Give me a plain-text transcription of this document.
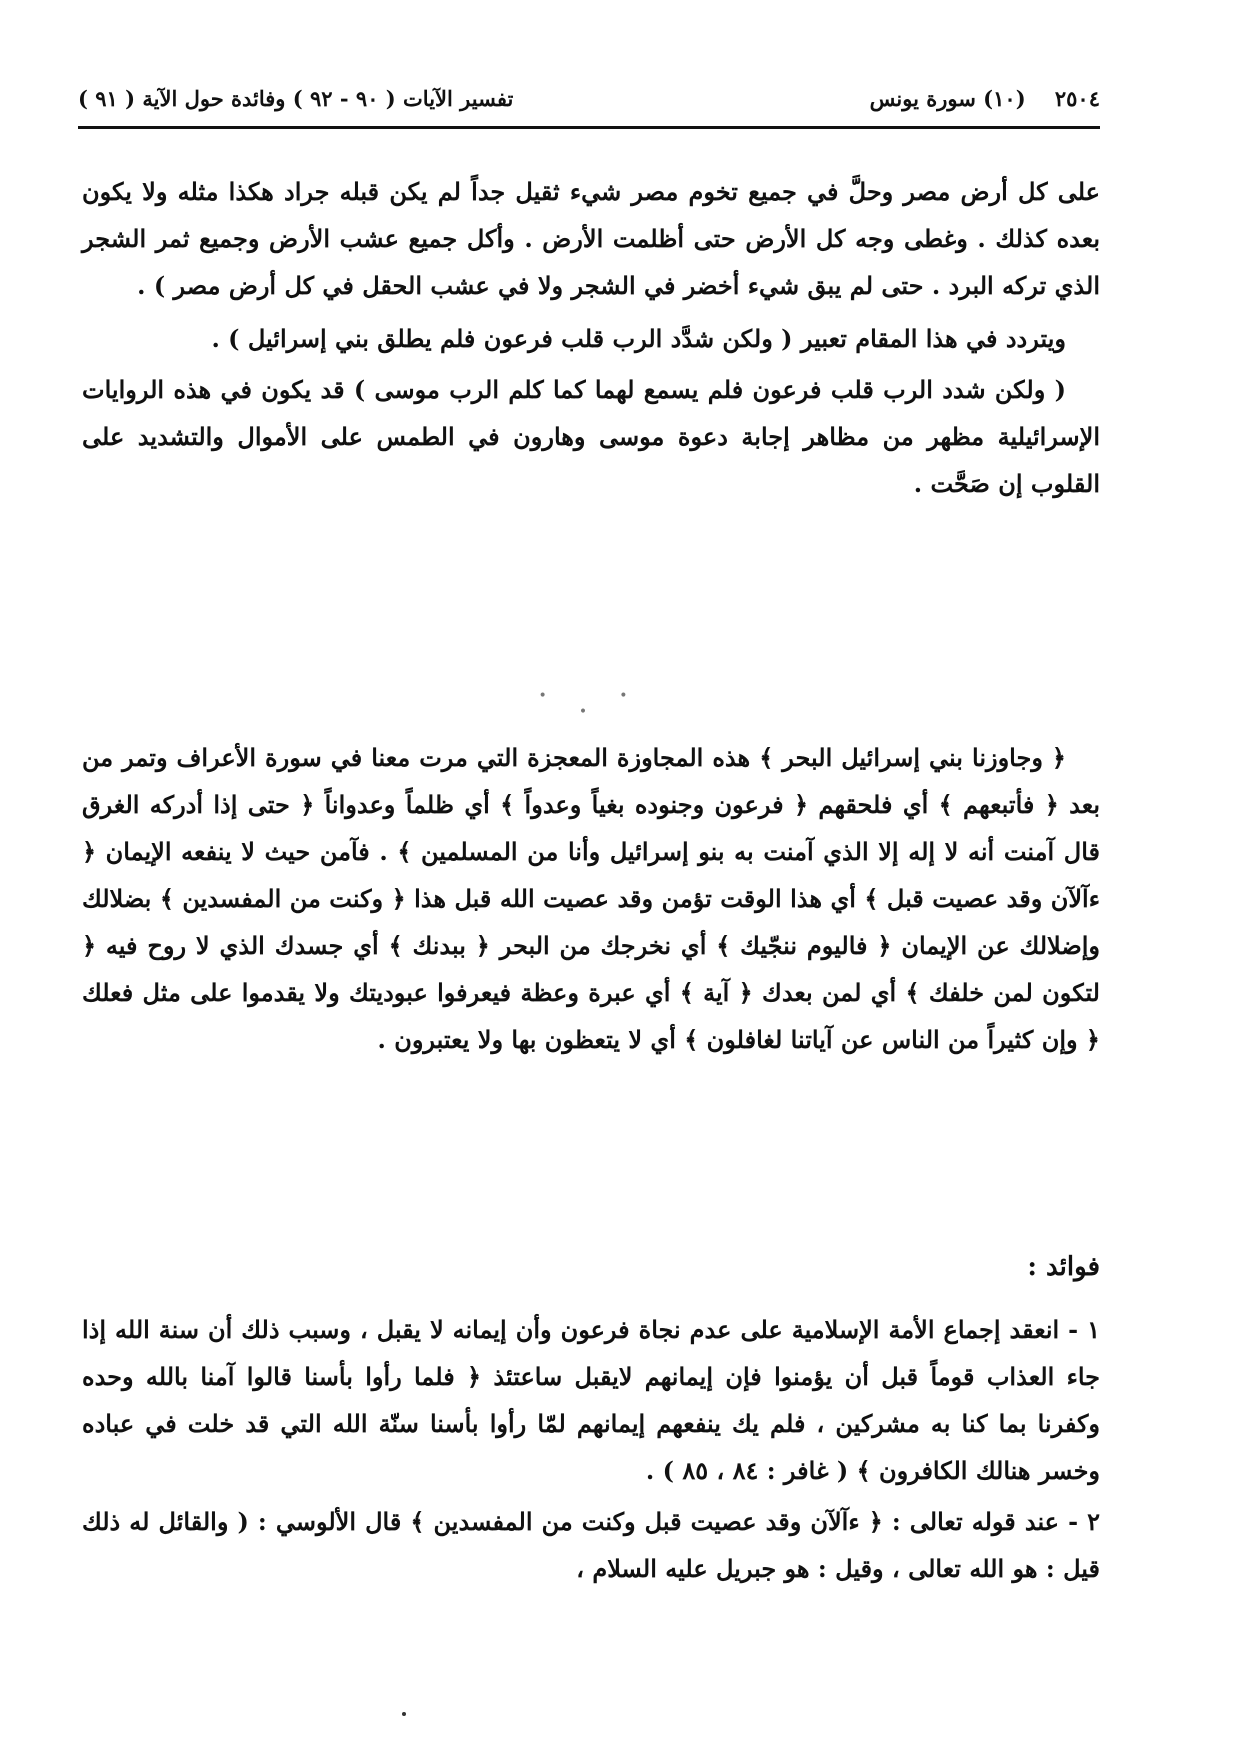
٢٥٠٤    (١٠) سورة يونس
تفسير الآيات ( ٩٠ - ٩٢ ) وفائدة حول الآية ( ٩١ )

على كل أرض مصر وحلَّ في جميع تخوم مصر شيء ثقيل جداً لم يكن قبله جراد هكذا مثله ولا يكون بعده كذلك . وغطى وجه كل الأرض حتى أظلمت الأرض . وأكل جميع عشب الأرض وجميع ثمر الشجر الذي تركه البرد . حتى لم يبق شيء أخضر في الشجر ولا في عشب الحقل في كل أرض مصر ) .

ويتردد في هذا المقام تعبير ( ولكن شدَّد الرب قلب فرعون فلم يطلق بني إسرائيل ) .

( ولكن شدد الرب قلب فرعون فلم يسمع لهما كما كلم الرب موسى ) قد يكون في هذه الروايات الإسرائيلية مظهر من مظاهر إجابة دعوة موسى وهارون في الطمس على الأموال والتشديد على القلوب إن صَحَّت .

• • •

﴿ وجاوزنا بني إسرائيل البحر ﴾ هذه المجاوزة المعجزة التي مرت معنا في سورة الأعراف وتمر من بعد ﴿ فأتبعهم ﴾ أي فلحقهم ﴿ فرعون وجنوده بغياً وعدواً ﴾ أي ظلماً وعدواناً ﴿ حتى إذا أدركه الغرق قال آمنت أنه لا إله إلا الذي آمنت به بنو إسرائيل وأنا من المسلمين ﴾ . فآمن حيث لا ينفعه الإيمان ﴿ ءآلآن وقد عصيت قبل ﴾ أي هذا الوقت تؤمن وقد عصيت الله قبل هذا ﴿ وكنت من المفسدين ﴾ بضلالك وإضلالك عن الإيمان ﴿ فاليوم ننجّيك ﴾ أي نخرجك من البحر ﴿ ببدنك ﴾ أي جسدك الذي لا روح فيه ﴿ لتكون لمن خلفك ﴾ أي لمن بعدك ﴿ آية ﴾ أي عبرة وعظة فيعرفوا عبوديتك ولا يقدموا على مثل فعلك ﴿ وإن كثيراً من الناس عن آياتنا لغافلون ﴾ أي لا يتعظون بها ولا يعتبرون .

فوائد :

١ - انعقد إجماع الأمة الإسلامية على عدم نجاة فرعون وأن إيمانه لا يقبل ، وسبب ذلك أن سنة الله إذا جاء العذاب قوماً قبل أن يؤمنوا فإن إيمانهم لايقبل ساعتئذ ﴿ فلما رأوا بأسنا قالوا آمنا بالله وحده وكفرنا بما كنا به مشركين ، فلم يك ينفعهم إيمانهم لمّا رأوا بأسنا سنّة الله التي قد خلت في عباده وخسر هنالك الكافرون ﴾ ( غافر : ٨٤ ، ٨٥ ) .

٢ - عند قوله تعالى : ﴿ ءآلآن وقد عصيت قبل وكنت من المفسدين ﴾ قال الألوسي : ( والقائل له ذلك قيل : هو الله تعالى ، وقيل : هو جبريل عليه السلام ،
